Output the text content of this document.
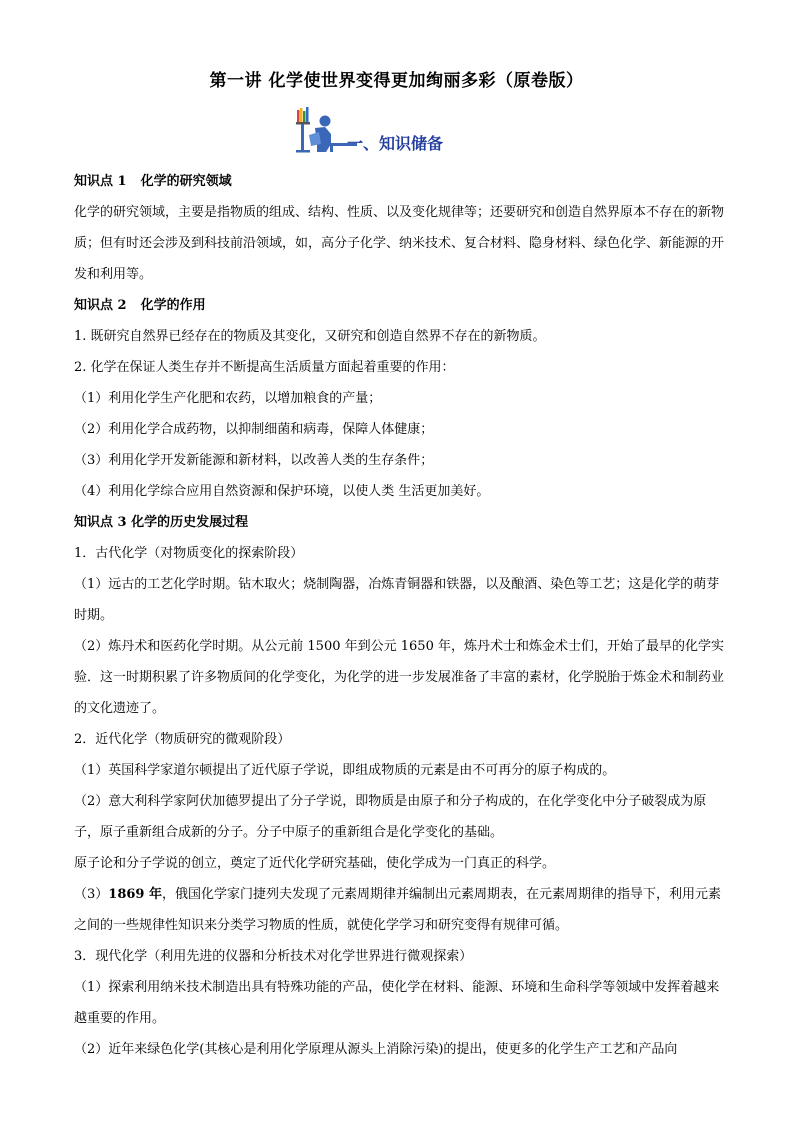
第一讲 化学使世界变得更加绚丽多彩（原卷版）
一、知识储备

知识点 1 化学的研究领域

化学的研究领域，主要是指物质的组成、结构、性质、以及变化规律等；还要研究和创造自然界原本不存在的新物质；但有时还会涉及到科技前沿领域，如，高分子化学、纳米技术、复合材料、隐身材料、绿色化学、新能源的开发和利用等。

知识点 2 化学的作用

1. 既研究自然界已经存在的物质及其变化，又研究和创造自然界不存在的新物质。

2. 化学在保证人类生存并不断提高生活质量方面起着重要的作用：

（1）利用化学生产化肥和农药，以增加粮食的产量；

（2）利用化学合成药物，以抑制细菌和病毒，保障人体健康；

（3）利用化学开发新能源和新材料，以改善人类的生存条件；

（4）利用化学综合应用自然资源和保护环境，以使人类 生活更加美好。

知识点 3 化学的历史发展过程

1．古代化学（对物质变化的探索阶段）

（1）远古的工艺化学时期。钻木取火；烧制陶器，冶炼青铜器和铁器，以及酿酒、染色等工艺；这是化学的萌芽时期。

（2）炼丹术和医药化学时期。从公元前 1500 年到公元 1650 年，炼丹术士和炼金术士们，开始了最早的化学实验．这一时期积累了许多物质间的化学变化，为化学的进一步发展准备了丰富的素材，化学脱胎于炼金术和制药业的文化遗迹了。

2．近代化学（物质研究的微观阶段）

（1）英国科学家道尔顿提出了近代原子学说，即组成物质的元素是由不可再分的原子构成的。

（2）意大利科学家阿伏加德罗提出了分子学说，即物质是由原子和分子构成的，在化学变化中分子破裂成为原子，原子重新组合成新的分子。分子中原子的重新组合是化学变化的基础。

原子论和分子学说的创立，奠定了近代化学研究基础，使化学成为一门真正的科学。

（3）1869 年，俄国化学家门捷列夫发现了元素周期律并编制出元素周期表，在元素周期律的指导下，利用元素之间的一些规律性知识来分类学习物质的性质，就使化学学习和研究变得有规律可循。

3．现代化学（利用先进的仪器和分析技术对化学世界进行微观探索）

（1）探索利用纳米技术制造出具有特殊功能的产品，使化学在材料、能源、环境和生命科学等领域中发挥着越来越重要的作用。

（2）近年来绿色化学(其核心是利用化学原理从源头上消除污染)的提出，使更多的化学生产工艺和产品向
